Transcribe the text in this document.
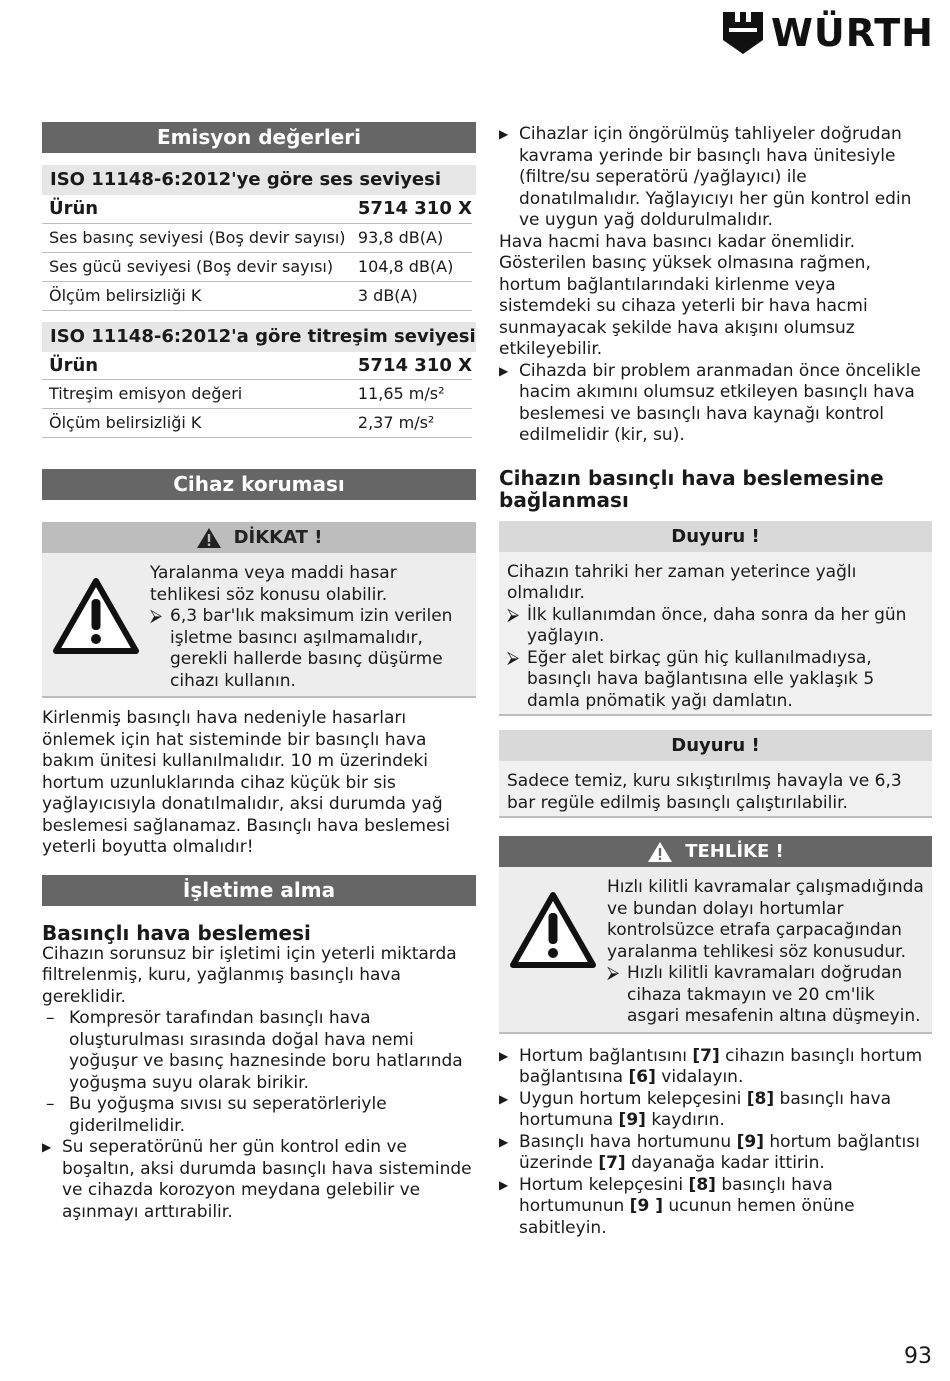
WÜRTH
Emisyon değerleri
ISO 11148-6:2012'ye göre ses seviyesi
Ürün	5714 310 X
Ses basınç seviyesi (Boş devir sayısı)	93,8 dB(A)
Ses gücü seviyesi (Boş devir sayısı)	104,8 dB(A)
Ölçüm belirsizliği K	3 dB(A)
ISO 11148-6:2012'a göre titreşim seviyesi
Ürün	5714 310 X
Titreşim emisyon değeri	11,65 m/s²
Ölçüm belirsizliği K	2,37 m/s²
Cihaz koruması
DİKKAT !

Yaralanma veya maddi hasar tehlikesi söz konusu olabilir.

⮚ 6,3 bar'lık maksimum izin verilen işletme basıncı aşılmamalıdır, gerekli hallerde basınç düşürme cihazı kullanın.

Kirlenmiş basınçlı hava nedeniyle hasarları önlemek için hat sisteminde bir basınçlı hava bakım ünitesi kullanılmalıdır. 10 m üzerindeki hortum uzunluklarında cihaz küçük bir sis yağlayıcısıyla donatılmalıdır, aksi durumda yağ beslemesi sağlanamaz. Basınçlı hava beslemesi yeterli boyutta olmalıdır!

İşletime alma
Basınçlı hava beslemesi

Cihazın sorunsuz bir işletimi için yeterli miktarda filtrelenmiş, kuru, yağlanmış basınçlı hava gereklidir.

– Kompresör tarafından basınçlı hava oluşturulması sırasında doğal hava nemi yoğuşur ve basınç haznesinde boru hatlarında yoğuşma suyu olarak birikir.
– Bu yoğuşma sıvısı su seperatörleriyle giderilmelidir.
▶ Su seperatörünü her gün kontrol edin ve boşaltın, aksi durumda basınçlı hava sisteminde ve cihazda korozyon meydana gelebilir ve aşınmayı arttırabilir.
▶ Cihazlar için öngörülmüş tahliyeler doğrudan kavrama yerinde bir basınçlı hava ünitesiyle (filtre/su seperatörü /yağlayıcı) ile donatılmalıdır. Yağlayıcıyı her gün kontrol edin ve uygun yağ doldurulmalıdır.

Hava hacmi hava basıncı kadar önemlidir. Gösterilen basınç yüksek olmasına rağmen, hortum bağlantılarındaki kirlenme veya sistemdeki su cihaza yeterli bir hava hacmi sunmayacak şekilde hava akışını olumsuz etkileyebilir.

▶ Cihazda bir problem aranmadan önce öncelikle hacim akımını olumsuz etkileyen basınçlı hava beslemesi ve basınçlı hava kaynağı kontrol edilmelidir (kir, su).
Cihazın basınçlı hava beslemesine bağlanması
Duyuru !

Cihazın tahriki her zaman yeterince yağlı olmalıdır.

⮚ İlk kullanımdan önce, daha sonra da her gün yağlayın.
⮚ Eğer alet birkaç gün hiç kullanılmadıysa, basınçlı hava bağlantısına elle yaklaşık 5 damla pnömatik yağı damlatın.
Duyuru !

Sadece temiz, kuru sıkıştırılmış havayla ve 6,3 bar regüle edilmiş basınçlı çalıştırılabilir.

TEHLİKE !

Hızlı kilitli kavramalar çalışmadığında ve bundan dolayı hortumlar kontrolsüzce etrafa çarpacağından yaralanma tehlikesi söz konusudur.

⮚ Hızlı kilitli kavramaları doğrudan cihaza takmayın ve 20 cm'lik asgari mesafenin altına düşmeyin.
▶ Hortum bağlantısını [7] cihazın basınçlı hortum bağlantısına [6] vidalayın.
▶ Uygun hortum kelepçesini [8] basınçlı hava hortumuna [9] kaydırın.
▶ Basınçlı hava hortumunu [9] hortum bağlantısı üzerinde [7] dayanağa kadar ittirin.
▶ Hortum kelepçesini [8] basınçlı hava hortumunun [9 ] ucunun hemen önüne sabitleyin.
93
